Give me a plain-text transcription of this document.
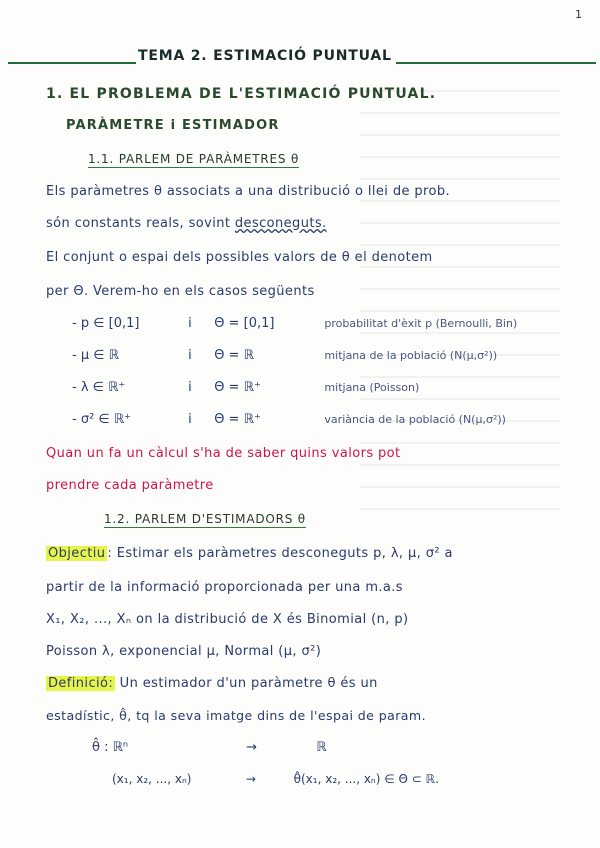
1
TEMA 2. ESTIMACIÓ PUNTUAL
1. EL PROBLEMA DE L'ESTIMACIÓ PUNTUAL.
PARÀMETRE i ESTIMADOR
1.1. PARLEM DE PARÀMETRES θ
Els paràmetres θ associats a una distribució o llei de prob.
són constants reals, sovint desconeguts.
El conjunt o espai dels possibles valors de θ el denotem
per Θ. Verem-ho en els casos següents
- p ∈ [0,1]	i Θ = [0,1]	probabilitat d'èxit p (Bernoulli, Bin)
- μ ∈ ℝ	i Θ = ℝ	mitjana de la població (N(μ,σ²))
- λ ∈ ℝ⁺	i Θ = ℝ⁺	mitjana (Poisson)
- σ² ∈ ℝ⁺	i Θ = ℝ⁺	variància de la població (N(μ,σ²))
Quan un fa un càlcul s'ha de saber quins valors pot
prendre cada paràmetre
1.2. PARLEM D'ESTIMADORS θ
Objectiu : Estimar els paràmetres desconeguts p, λ, μ, σ² a
partir de la informació proporcionada per una m.a.s
X₁, X₂, ..., Xₙ on la distribució de X és Binomial (n, p)
Poisson λ, exponencial μ, Normal (μ, σ²)
Definició: Un estimador d'un paràmetre θ és un
estadístic, θ̂, tq la seva imatge dins de l'espai de param.
θ̂ : ℝⁿ	→	ℝ
(x₁, x₂, ..., xₙ)	→	θ̂(x₁, x₂, ..., xₙ) ∈ Θ ⊂ ℝ.
